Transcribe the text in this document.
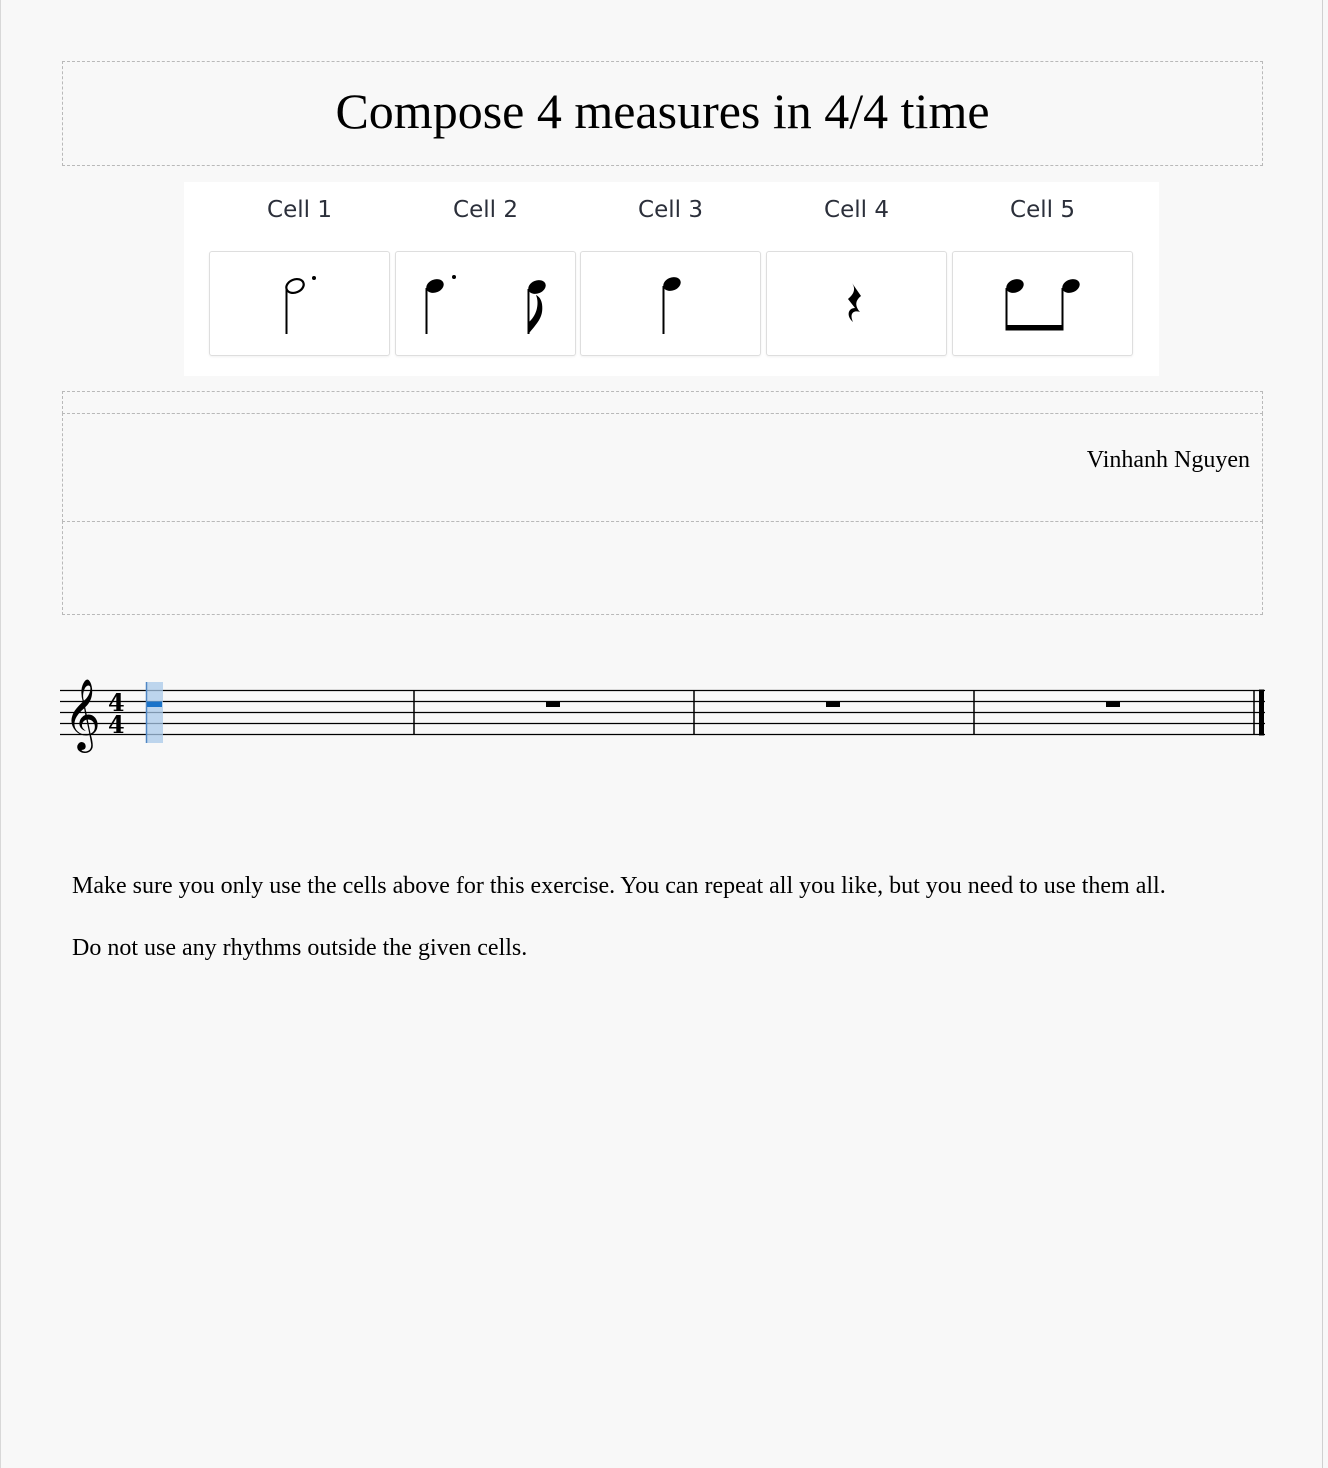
Compose 4 measures in 4/4 time
Cell 1	Cell 2	Cell 3	Cell 4	Cell 5
Vinhanh Nguyen
𝄞 4
4
Make sure you only use the cells above for this exercise. You can repeat all you like, but you need to use them all.
Do not use any rhythms outside the given cells.
